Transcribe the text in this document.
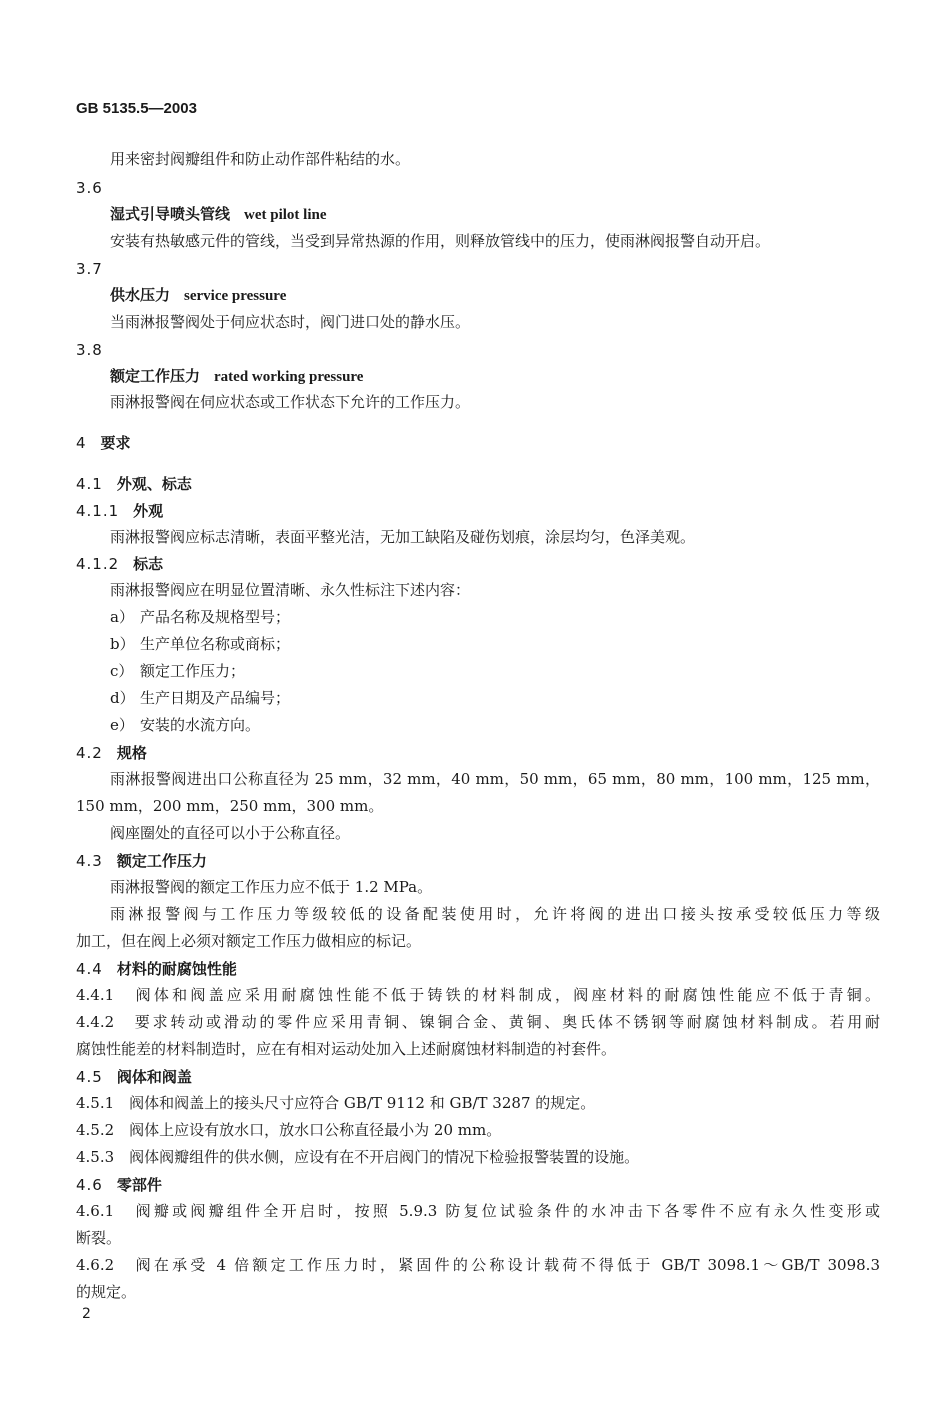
GB 5135.5—2003
用来密封阀瓣组件和防止动作部件粘结的水。
3.6
湿式引导喷头管线 wet pilot line
安装有热敏感元件的管线，当受到异常热源的作用，则释放管线中的压力，使雨淋阀报警自动开启。
3.7
供水压力 service pressure
当雨淋报警阀处于伺应状态时，阀门进口处的静水压。
3.8
额定工作压力 rated working pressure
雨淋报警阀在伺应状态或工作状态下允许的工作压力。
4 要求
4.1 外观、标志
4.1.1 外观
雨淋报警阀应标志清晰，表面平整光洁，无加工缺陷及碰伤划痕，涂层均匀，色泽美观。
4.1.2 标志
雨淋报警阀应在明显位置清晰、永久性标注下述内容：
a） 产品名称及规格型号；
b） 生产单位名称或商标；
c） 额定工作压力；
d） 生产日期及产品编号；
e） 安装的水流方向。
4.2 规格
雨淋报警阀进出口公称直径为 25 mm，32 mm，40 mm，50 mm，65 mm，80 mm，100 mm，125 mm，
150 mm，200 mm，250 mm，300 mm。
阀座圈处的直径可以小于公称直径。
4.3 额定工作压力
雨淋报警阀的额定工作压力应不低于 1.2 MPa。
雨淋报警阀与工作压力等级较低的设备配装使用时，允许将阀的进出口接头按承受较低压力等级
加工，但在阀上必须对额定工作压力做相应的标记。
4.4 材料的耐腐蚀性能
4.4.1　阀体和阀盖应采用耐腐蚀性能不低于铸铁的材料制成，阀座材料的耐腐蚀性能应不低于青铜。
4.4.2　要求转动或滑动的零件应采用青铜、镍铜合金、黄铜、奥氏体不锈钢等耐腐蚀材料制成。若用耐
腐蚀性能差的材料制造时，应在有相对运动处加入上述耐腐蚀材料制造的衬套件。
4.5 阀体和阀盖
4.5.1　阀体和阀盖上的接头尺寸应符合 GB/T 9112 和 GB/T 3287 的规定。
4.5.2　阀体上应设有放水口，放水口公称直径最小为 20 mm。
4.5.3　阀体阀瓣组件的供水侧，应设有在不开启阀门的情况下检验报警装置的设施。
4.6 零部件
4.6.1　阀瓣或阀瓣组件全开启时，按照 5.9.3 防复位试验条件的水冲击下各零件不应有永久性变形或
断裂。
4.6.2　阀在承受 4 倍额定工作压力时，紧固件的公称设计载荷不得低于 GB/T 3098.1～GB/T 3098.3
的规定。
2
